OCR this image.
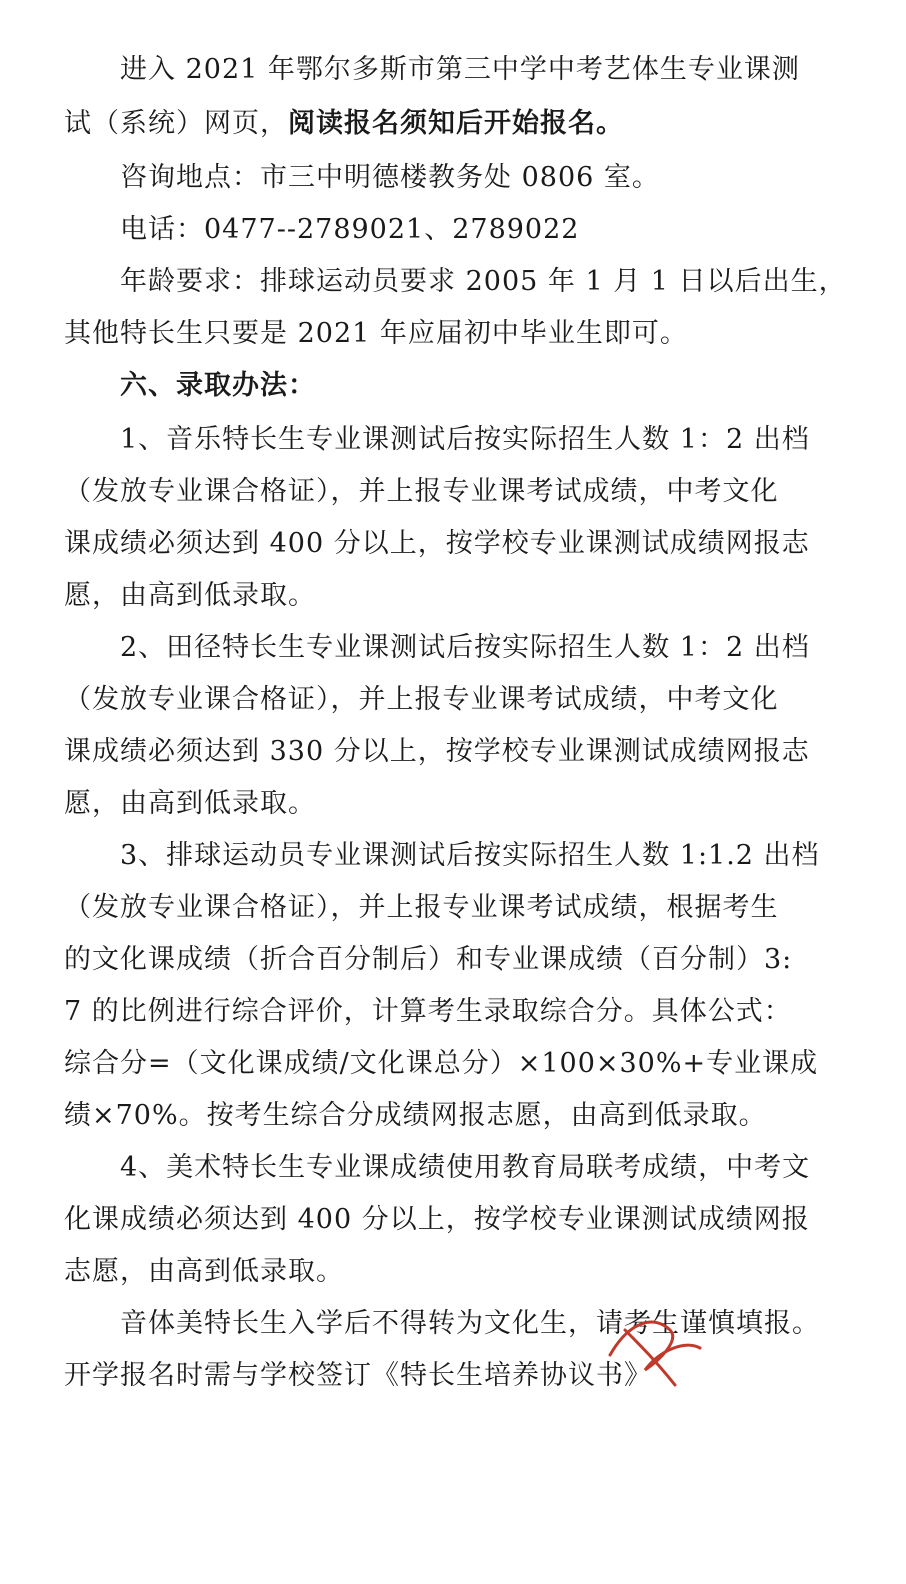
进入 2021 年鄂尔多斯市第三中学中考艺体生专业课测
试（系统）网页，阅读报名须知后开始报名。
咨询地点：市三中明德楼教务处 0806 室。
电话：0477--2789021、2789022
年龄要求：排球运动员要求 2005 年 1 月 1 日以后出生，
其他特长生只要是 2021 年应届初中毕业生即可。
六、录取办法：
1、音乐特长生专业课测试后按实际招生人数 1：2 出档
（发放专业课合格证），并上报专业课考试成绩，中考文化
课成绩必须达到 400 分以上，按学校专业课测试成绩网报志
愿，由高到低录取。
2、田径特长生专业课测试后按实际招生人数 1：2 出档
（发放专业课合格证），并上报专业课考试成绩，中考文化
课成绩必须达到 330 分以上，按学校专业课测试成绩网报志
愿，由高到低录取。
3、排球运动员专业课测试后按实际招生人数 1:1.2 出档
（发放专业课合格证），并上报专业课考试成绩，根据考生
的文化课成绩（折合百分制后）和专业课成绩（百分制）3:
7 的比例进行综合评价，计算考生录取综合分。具体公式：
综合分=（文化课成绩/文化课总分）×100×30%+专业课成
绩×70%。按考生综合分成绩网报志愿，由高到低录取。
4、美术特长生专业课成绩使用教育局联考成绩，中考文
化课成绩必须达到 400 分以上，按学校专业课测试成绩网报
志愿，由高到低录取。
音体美特长生入学后不得转为文化生，请考生谨慎填报。
开学报名时需与学校签订《特长生培养协议书》
